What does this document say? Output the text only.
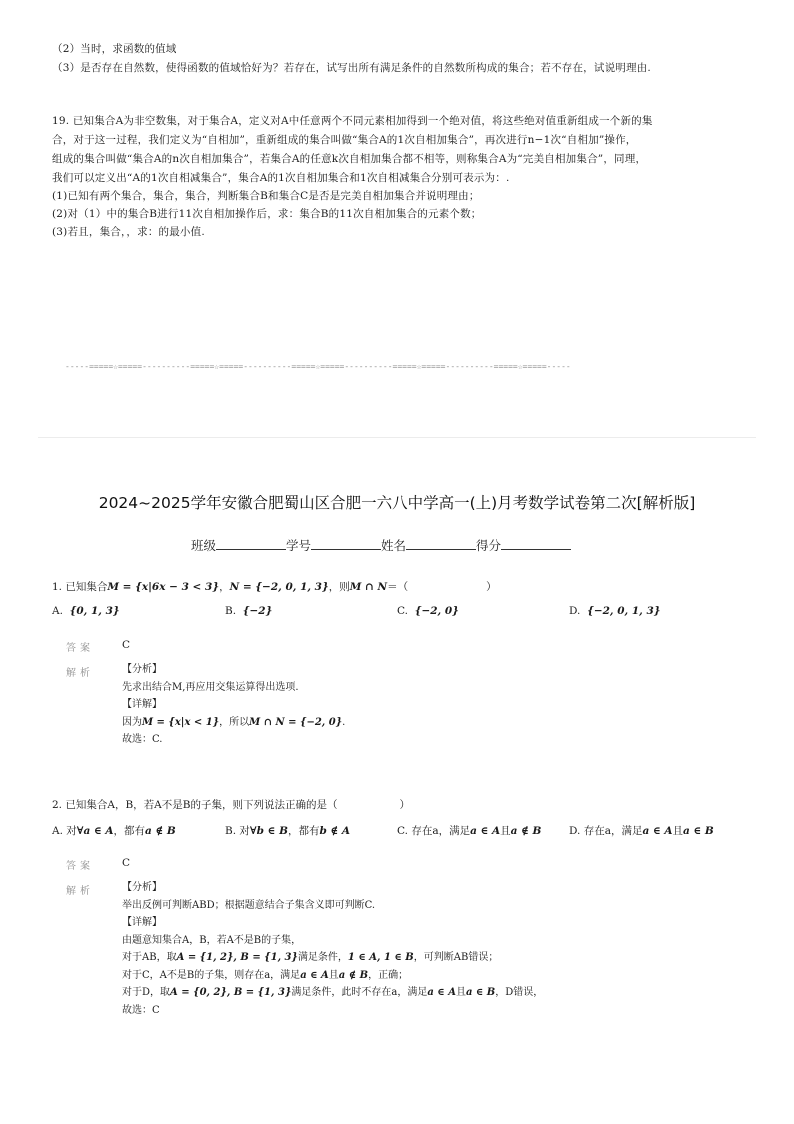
（2）当时，求函数的值域
（3）是否存在自然数，使得函数的值域恰好为？若存在，试写出所有满足条件的自然数所构成的集合；若不存在，试说明理由.
19. 已知集合A为非空数集，对于集合A，定义对A中任意两个不同元素相加得到一个绝对值，将这些绝对值重新组成一个新的集
合，对于这一过程，我们定义为“自相加”，重新组成的集合叫做“集合A的1次自相加集合”，再次进行n−1次“自相加”操作，
组成的集合叫做“集合A的n次自相加集合”，若集合A的任意k次自相加集合都不相等，则称集合A为“完美自相加集合”，同理，
我们可以定义出“A的1次自相减集合”，集合A的1次自相加集合和1次自相减集合分别可表示为：.
(1)已知有两个集合，集合，集合，判断集合B和集合C是否是完美自相加集合并说明理由；
(2)对（1）中的集合B进行11次自相加操作后，求：集合B的11次自相加集合的元素个数；
(3)若且，集合，，求：的最小值.
-----=====☆=====----------=====☆=====----------=====☆=====----------=====☆=====----------=====☆=====-----
2024~2025学年安徽合肥蜀山区合肥一六八中学高一(上)月考数学试卷第二次[解析版]
班级	学号	姓名	得分
1. 已知集合M = {x|6x − 3 < 3}，N = {−2, 0, 1, 3}，则M ∩ N＝（	）
A. {0, 1, 3}	B. {−2}	C. {−2, 0}	D. {−2, 0, 1, 3}
答案	C
解析	【分析】
先求出结合M,再应用交集运算得出选项.
【详解】
因为M = {x|x < 1}，所以M ∩ N = {−2, 0}.
故选：C.
2. 已知集合A，B，若A不是B的子集，则下列说法正确的是（	）
A. 对∀a ∈ A，都有a ∉ B	B. 对∀b ∈ B，都有b ∉ A	C. 存在a，满足a ∈ A且a ∉ B	D. 存在a，满足a ∈ A且a ∈ B
答案	C
解析	【分析】
举出反例可判断ABD；根据题意结合子集含义即可判断C.
【详解】
由题意知集合A，B，若A不是B的子集，
对于AB，取A = {1, 2}, B = {1, 3}满足条件，1 ∈ A, 1 ∈ B，可判断AB错误；
对于C，A不是B的子集，则存在a，满足a ∈ A且a ∉ B，正确；
对于D，取A = {0, 2}, B = {1, 3}满足条件，此时不存在a，满足a ∈ A且a ∈ B，D错误，
故选：C
